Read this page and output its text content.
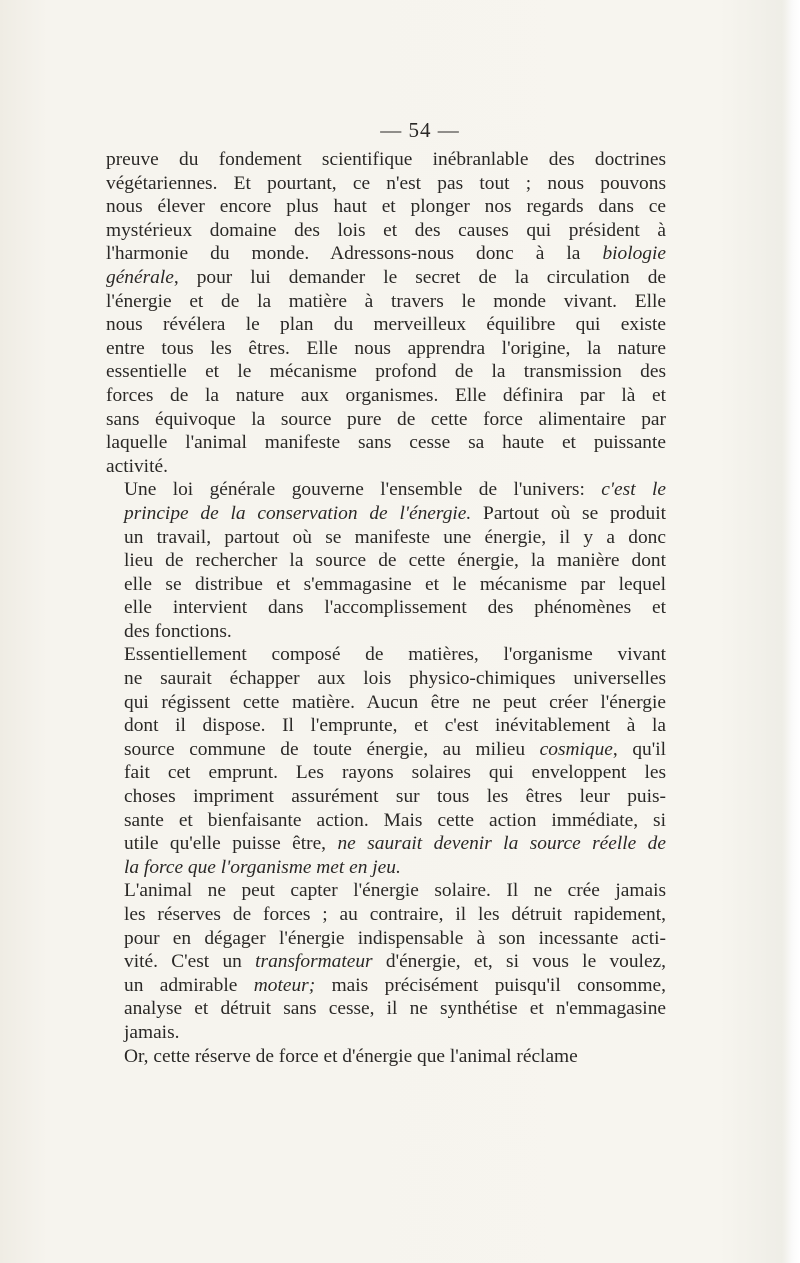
— 54 —

preuve du fondement scientifique inébranlable des doctrines
végétariennes. Et pourtant, ce n'est pas tout ; nous pouvons
nous élever encore plus haut et plonger nos regards dans ce
mystérieux domaine des lois et des causes qui président à
l'harmonie du monde. Adressons-nous donc à la biologie
générale, pour lui demander le secret de la circulation de
l'énergie et de la matière à travers le monde vivant. Elle
nous révélera le plan du merveilleux équilibre qui existe
entre tous les êtres. Elle nous apprendra l'origine, la nature
essentielle et le mécanisme profond de la transmission des
forces de la nature aux organismes. Elle définira par là et
sans équivoque la source pure de cette force alimentaire par
laquelle l'animal manifeste sans cesse sa haute et puissante
activité.

Une loi générale gouverne l'ensemble de l'univers: c'est le
principe de la conservation de l'énergie. Partout où se produit
un travail, partout où se manifeste une énergie, il y a donc
lieu de rechercher la source de cette énergie, la manière dont
elle se distribue et s'emmagasine et le mécanisme par lequel
elle intervient dans l'accomplissement des phénomènes et
des fonctions.

Essentiellement composé de matières, l'organisme vivant
ne saurait échapper aux lois physico-chimiques universelles
qui régissent cette matière. Aucun être ne peut créer l'énergie
dont il dispose. Il l'emprunte, et c'est inévitablement à la
source commune de toute énergie, au milieu cosmique, qu'il
fait cet emprunt. Les rayons solaires qui enveloppent les
choses impriment assurément sur tous les êtres leur puis-
sante et bienfaisante action. Mais cette action immédiate, si
utile qu'elle puisse être, ne saurait devenir la source réelle de
la force que l'organisme met en jeu.

L'animal ne peut capter l'énergie solaire. Il ne crée jamais
les réserves de forces ; au contraire, il les détruit rapidement,
pour en dégager l'énergie indispensable à son incessante acti-
vité. C'est un transformateur d'énergie, et, si vous le voulez,
un admirable moteur; mais précisément puisqu'il consomme,
analyse et détruit sans cesse, il ne synthétise et n'emmagasine
jamais.

Or, cette réserve de force et d'énergie que l'animal réclame
